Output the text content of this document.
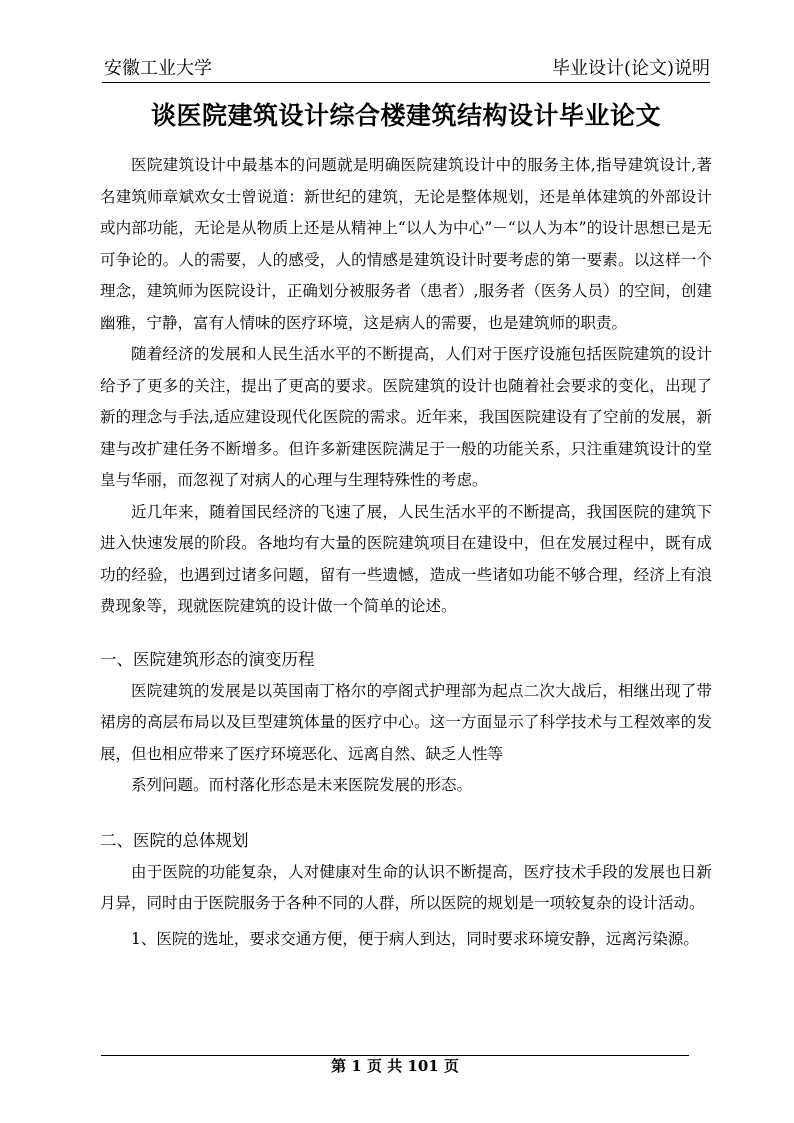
安徽工业大学	毕业设计(论文)说明
谈医院建筑设计综合楼建筑结构设计毕业论文

医院建筑设计中最基本的问题就是明确医院建筑设计中的服务主体,指导建筑设计,著名建筑师章斌欢女士曾说道：新世纪的建筑，无论是整体规划，还是单体建筑的外部设计或内部功能，无论是从物质上还是从精神上“以人为中心”－“以人为本”的设计思想已是无可争论的。人的需要，人的感受，人的情感是建筑设计时要考虑的第一要素。以这样一个理念，建筑师为医院设计，正确划分被服务者（患者）,服务者（医务人员）的空间，创建幽雅，宁静，富有人情味的医疗环境，这是病人的需要，也是建筑师的职责。

随着经济的发展和人民生活水平的不断提高，人们对于医疗设施包括医院建筑的设计给予了更多的关注，提出了更高的要求。医院建筑的设计也随着社会要求的变化，出现了新的理念与手法,适应建设现代化医院的需求。近年来，我国医院建设有了空前的发展，新建与改扩建任务不断增多。但许多新建医院满足于一般的功能关系，只注重建筑设计的堂皇与华丽，而忽视了对病人的心理与生理特殊性的考虑。

近几年来，随着国民经济的飞速了展，人民生活水平的不断提高，我国医院的建筑下进入快速发展的阶段。各地均有大量的医院建筑项目在建设中，但在发展过程中，既有成功的经验，也遇到过诸多问题，留有一些遗憾，造成一些诸如功能不够合理，经济上有浪费现象等，现就医院建筑的设计做一个简单的论述。

一、医院建筑形态的演变历程

医院建筑的发展是以英国南丁格尔的亭阁式护理部为起点二次大战后，相继出现了带裙房的高层布局以及巨型建筑体量的医疗中心。这一方面显示了科学技术与工程效率的发展，但也相应带来了医疗环境恶化、远离自然、缺乏人性等

系列问题。而村落化形态是未来医院发展的形态。

二、医院的总体规划

由于医院的功能复杂，人对健康对生命的认识不断提高，医疗技术手段的发展也日新月异，同时由于医院服务于各种不同的人群，所以医院的规划是一项较复杂的设计活动。

1、医院的选址，要求交通方便，便于病人到达，同时要求环境安静，远离污染源。

第 1 页 共 101 页
